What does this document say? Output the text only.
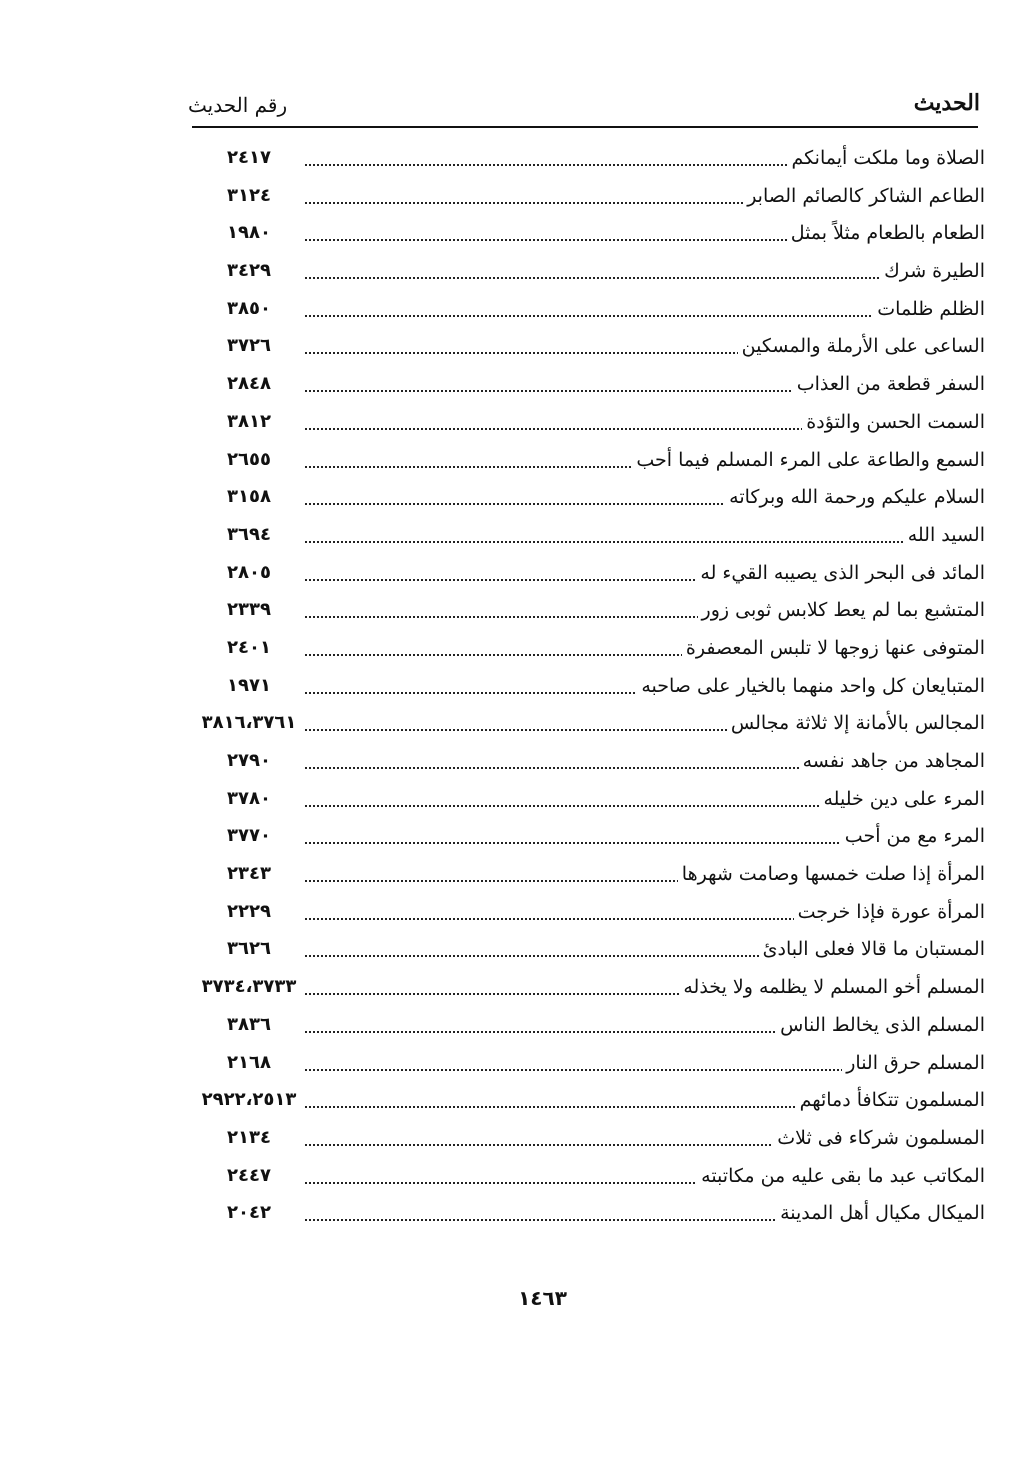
الحديث
رقم الحديث
الصلاة وما ملكت أيمانكم
٢٤١٧
الطاعم الشاكر كالصائم الصابر
٣١٢٤
الطعام بالطعام مثلاً بمثل
١٩٨٠
الطيرة شرك
٣٤٢٩
الظلم ظلمات
٣٨٥٠
الساعى على الأرملة والمسكين
٣٧٢٦
السفر قطعة من العذاب
٢٨٤٨
السمت الحسن والتؤدة
٣٨١٢
السمع والطاعة على المرء المسلم فيما أحب
٢٦٥٥
السلام عليكم ورحمة الله وبركاته
٣١٥٨
السيد الله
٣٦٩٤
المائد فى البحر الذى يصيبه القيء له
٢٨٠٥
المتشبع بما لم يعط كلابس ثوبى زور
٢٣٣٩
المتوفى عنها زوجها لا تلبس المعصفرة
٢٤٠١
المتبايعان كل واحد منهما بالخيار على صاحبه
١٩٧١
المجالس بالأمانة إلا ثلاثة مجالس
٣٨١٦،٣٧٦١
المجاهد من جاهد نفسه
٢٧٩٠
المرء على دين خليله
٣٧٨٠
المرء مع من أحب
٣٧٧٠
المرأة إذا صلت خمسها وصامت شهرها
٢٣٤٣
المرأة عورة فإذا خرجت
٢٢٢٩
المستبان ما قالا فعلى البادئ
٣٦٢٦
المسلم أخو المسلم لا يظلمه ولا يخذله
٣٧٣٤،٣٧٣٣
المسلم الذى يخالط الناس
٣٨٣٦
المسلم حرق النار
٢١٦٨
المسلمون تتكافأ دمائهم
٢٩٢٢،٢٥١٣
المسلمون شركاء فى ثلاث
٢١٣٤
المكاتب عبد ما بقى عليه من مكاتبته
٢٤٤٧
الميكال مكيال أهل المدينة
٢٠٤٢
١٤٦٣
